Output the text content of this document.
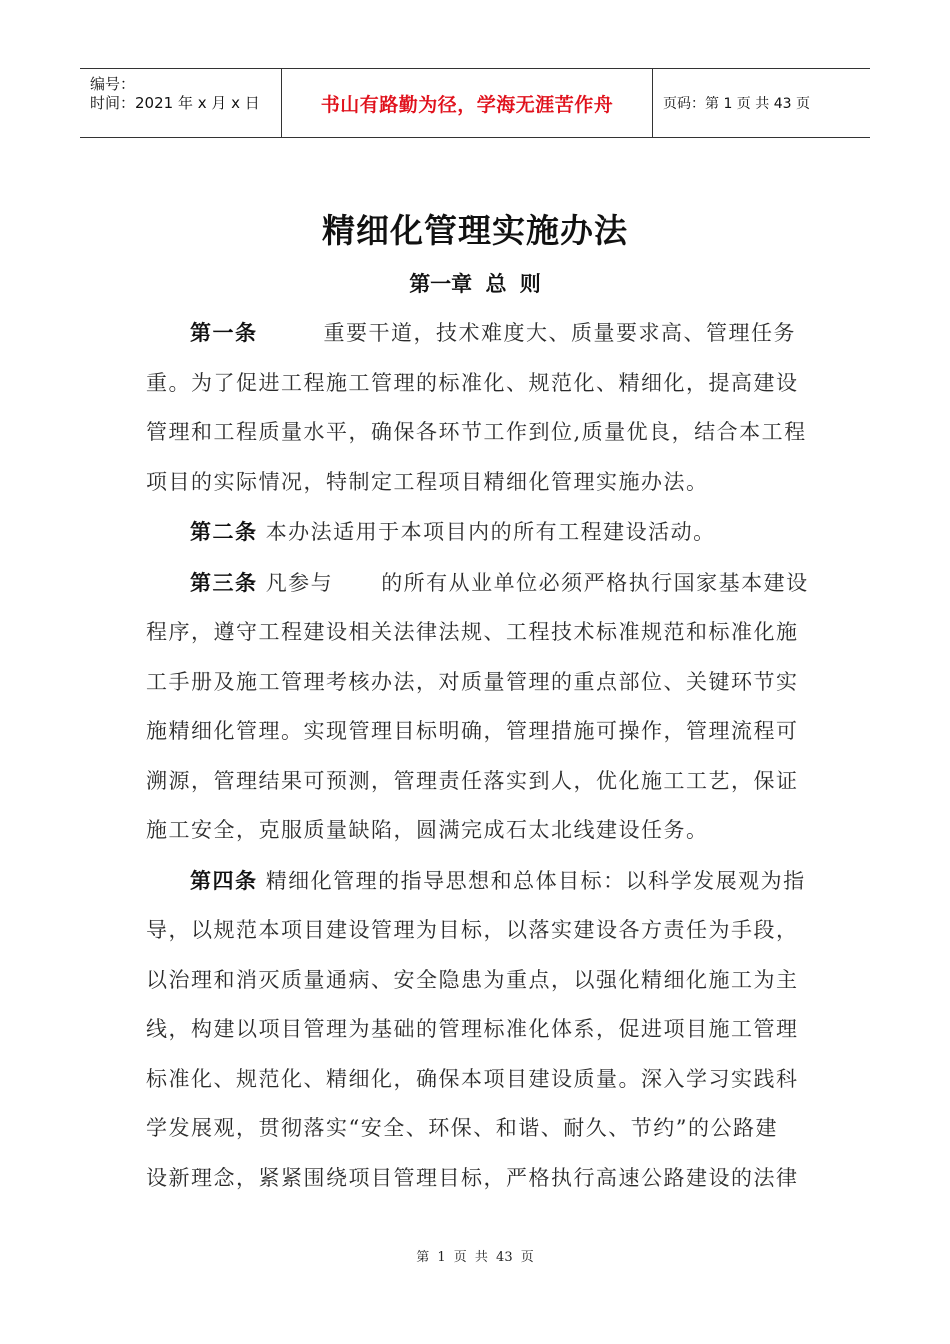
编号：
时间：2021 年 x 月 x 日	书山有路勤为径，学海无涯苦作舟	页码：第 1 页 共 43 页
精细化管理实施办法
第一章 总 则
第一条	重要干道，技术难度大、质量要求高、管理任务
重。为了促进工程施工管理的标准化、规范化、精细化，提高建设
管理和工程质量水平，确保各环节工作到位,质量优良，结合本工程
项目的实际情况，特制定工程项目精细化管理实施办法。
第二条 本办法适用于本项目内的所有工程建设活动。
第三条 凡参与 的所有从业单位必须严格执行国家基本建设
程序，遵守工程建设相关法律法规、工程技术标准规范和标准化施
工手册及施工管理考核办法，对质量管理的重点部位、关键环节实
施精细化管理。实现管理目标明确，管理措施可操作，管理流程可
溯源，管理结果可预测，管理责任落实到人，优化施工工艺，保证
施工安全，克服质量缺陷，圆满完成石太北线建设任务。
第四条 精细化管理的指导思想和总体目标：以科学发展观为指
导，以规范本项目建设管理为目标，以落实建设各方责任为手段，
以治理和消灭质量通病、安全隐患为重点，以强化精细化施工为主
线，构建以项目管理为基础的管理标准化体系，促进项目施工管理
标准化、规范化、精细化，确保本项目建设质量。深入学习实践科
学发展观，贯彻落实“安全、环保、和谐、耐久、节约”的公路建
设新理念，紧紧围绕项目管理目标，严格执行高速公路建设的法律
第 1 页 共 43 页
